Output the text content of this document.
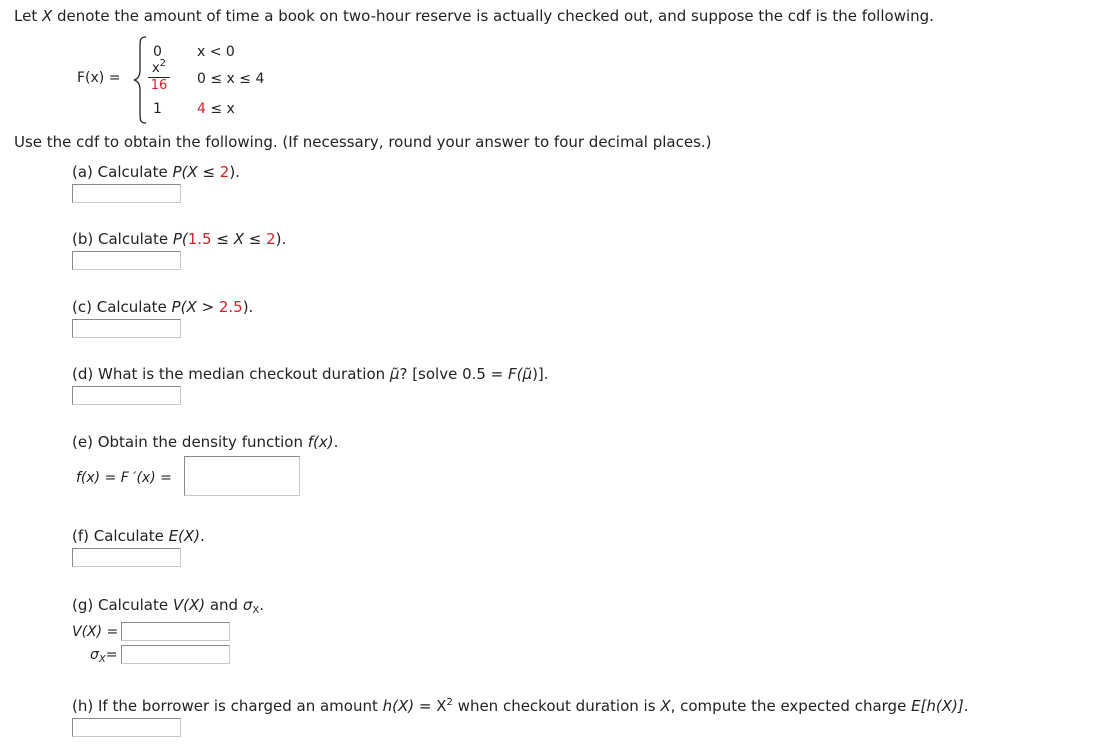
Let X denote the amount of time a book on two-hour reserve is actually checked out, and suppose the cdf is the following.
F(x) =
0	x < 0
$x^2$
16 0 ≤ x ≤ 4
1	4 ≤ x
Use the cdf to obtain the following. (If necessary, round your answer to four decimal places.)
(a) Calculate P(X ≤ 2).
(b) Calculate P(1.5 ≤ X ≤ 2).
(c) Calculate P(X > 2.5).
(d) What is the median checkout duration μ̃? [solve 0.5 = F(μ̃)].
(e) Obtain the density function f(x).
f(x) = F ′(x) =
(f) Calculate E(X).
(g) Calculate V(X) and $\sigma_X$.
V(X) =
$\sigma_X=$
(h) If the borrower is charged an amount $h(X) = X^2$ when checkout duration is X, compute the expected charge E[h(X)].
